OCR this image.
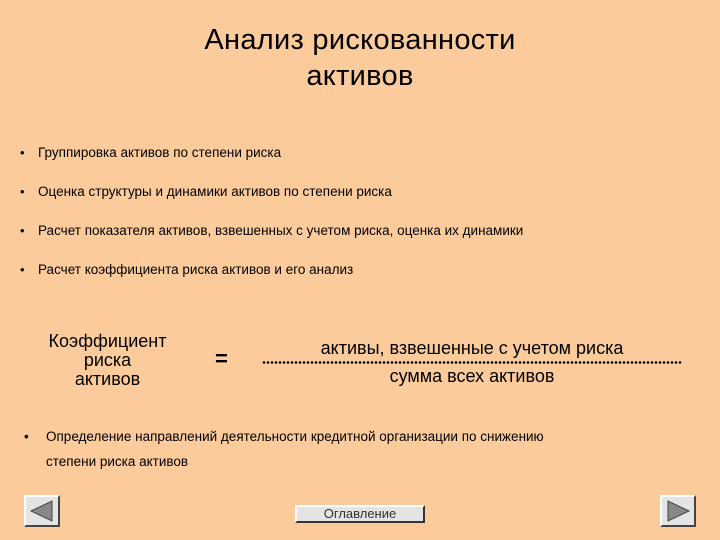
Анализ рискованности
активов
• Группировка активов по степени риска
• Оценка структуры и динамики активов по степени риска
• Расчет показателя активов, взвешенных с учетом риска, оценка их динамики
• Расчет коэффициента риска активов и его анализ
Коэффициент
риска
активов
=	активы, взвешенные с учетом риска
сумма всех активов
• Определение направлений деятельности кредитной организации по снижению
степени риска активов
Оглавление
